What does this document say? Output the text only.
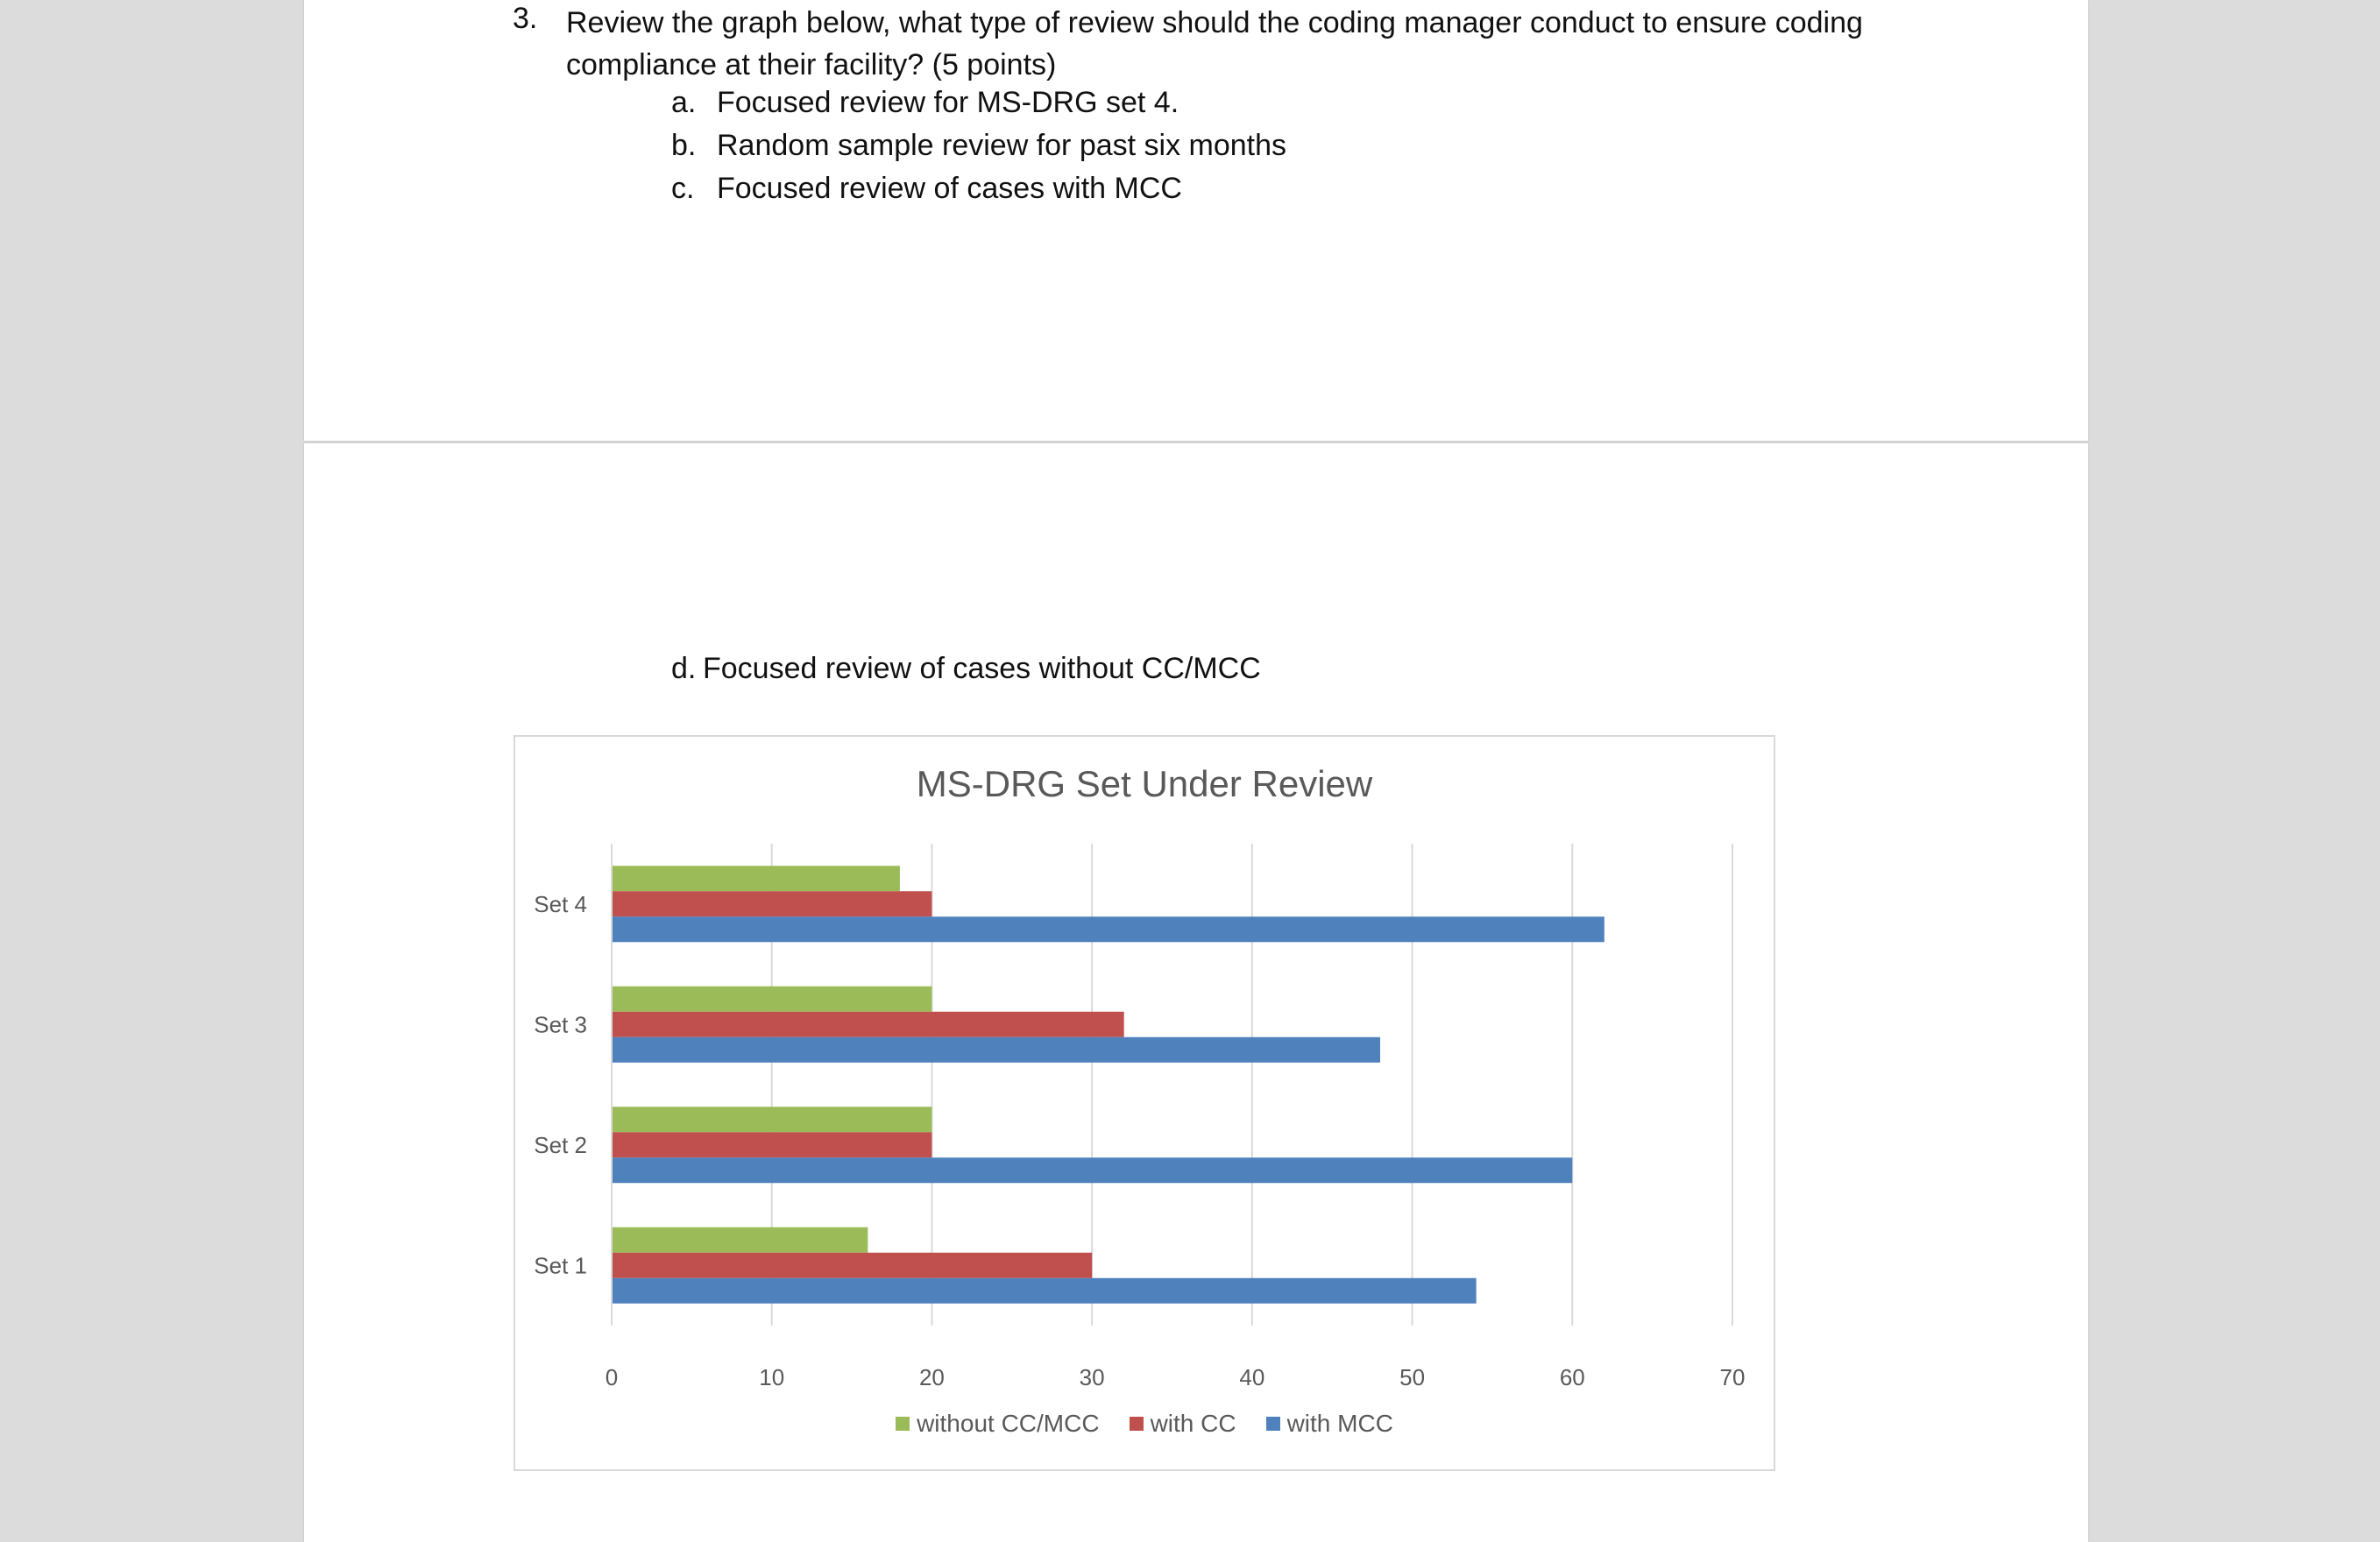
3. Review the graph below, what type of review should the coding manager conduct to ensure coding compliance at their facility? (5 points)
a. Focused review for MS-DRG set 4.
b. Random sample review for past six months
c. Focused review of cases with MCC
d. Focused review of cases without CC/MCC
MS-DRG Set Under Review
0	10	20	30	40	50	60	70
Set 1
Set 2
Set 3
Set 4
without CC/MCC with CC with MCC
